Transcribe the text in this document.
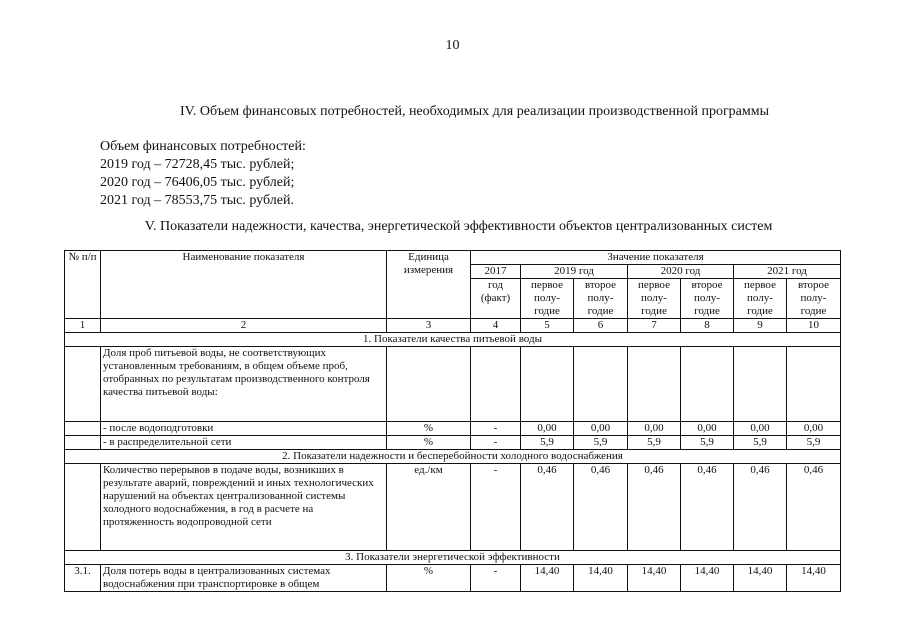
10
IV. Объем финансовых потребностей, необходимых для реализации производственной программы
Объем финансовых потребностей:
2019 год – 72728,45 тыс. рублей;
2020 год – 76406,05 тыс. рублей;
2021 год – 78553,75 тыс. рублей.
V. Показатели надежности, качества, энергетической эффективности объектов централизованных систем
№ п/п	Наименование показателя	Единица измерения	Значение показателя						
			2017	2019 год		2020 год		2021 год	
			год (факт)	первое полу-годие	второе полу-годие	первое полу-годие	второе полу-годие	первое полу-годие	второе полу-годие
1	2	3	4	5	6	7	8	9	10
1. Показатели качества питьевой воды									
	Доля проб питьевой воды, не соответствующих установленным требованиям, в общем объеме проб, отобранных по результатам производственного контроля качества питьевой воды:								
	- после водоподготовки	%	-	0,00	0,00	0,00	0,00	0,00	0,00
	- в распределительной сети	%	-	5,9	5,9	5,9	5,9	5,9	5,9
2. Показатели надежности и бесперебойности холодного водоснабжения									
	Количество перерывов в подаче воды, возникших в результате аварий, повреждений и иных технологических нарушений на объектах централизованной системы холодного водоснабжения, в год в расчете на протяженность водопроводной сети	ед./км	-	0,46	0,46	0,46	0,46	0,46	0,46
3. Показатели энергетической эффективности									
3.1.	Доля потерь воды в централизованных системах водоснабжения при транспортировке в общем	%	-	14,40	14,40	14,40	14,40	14,40	14,40
